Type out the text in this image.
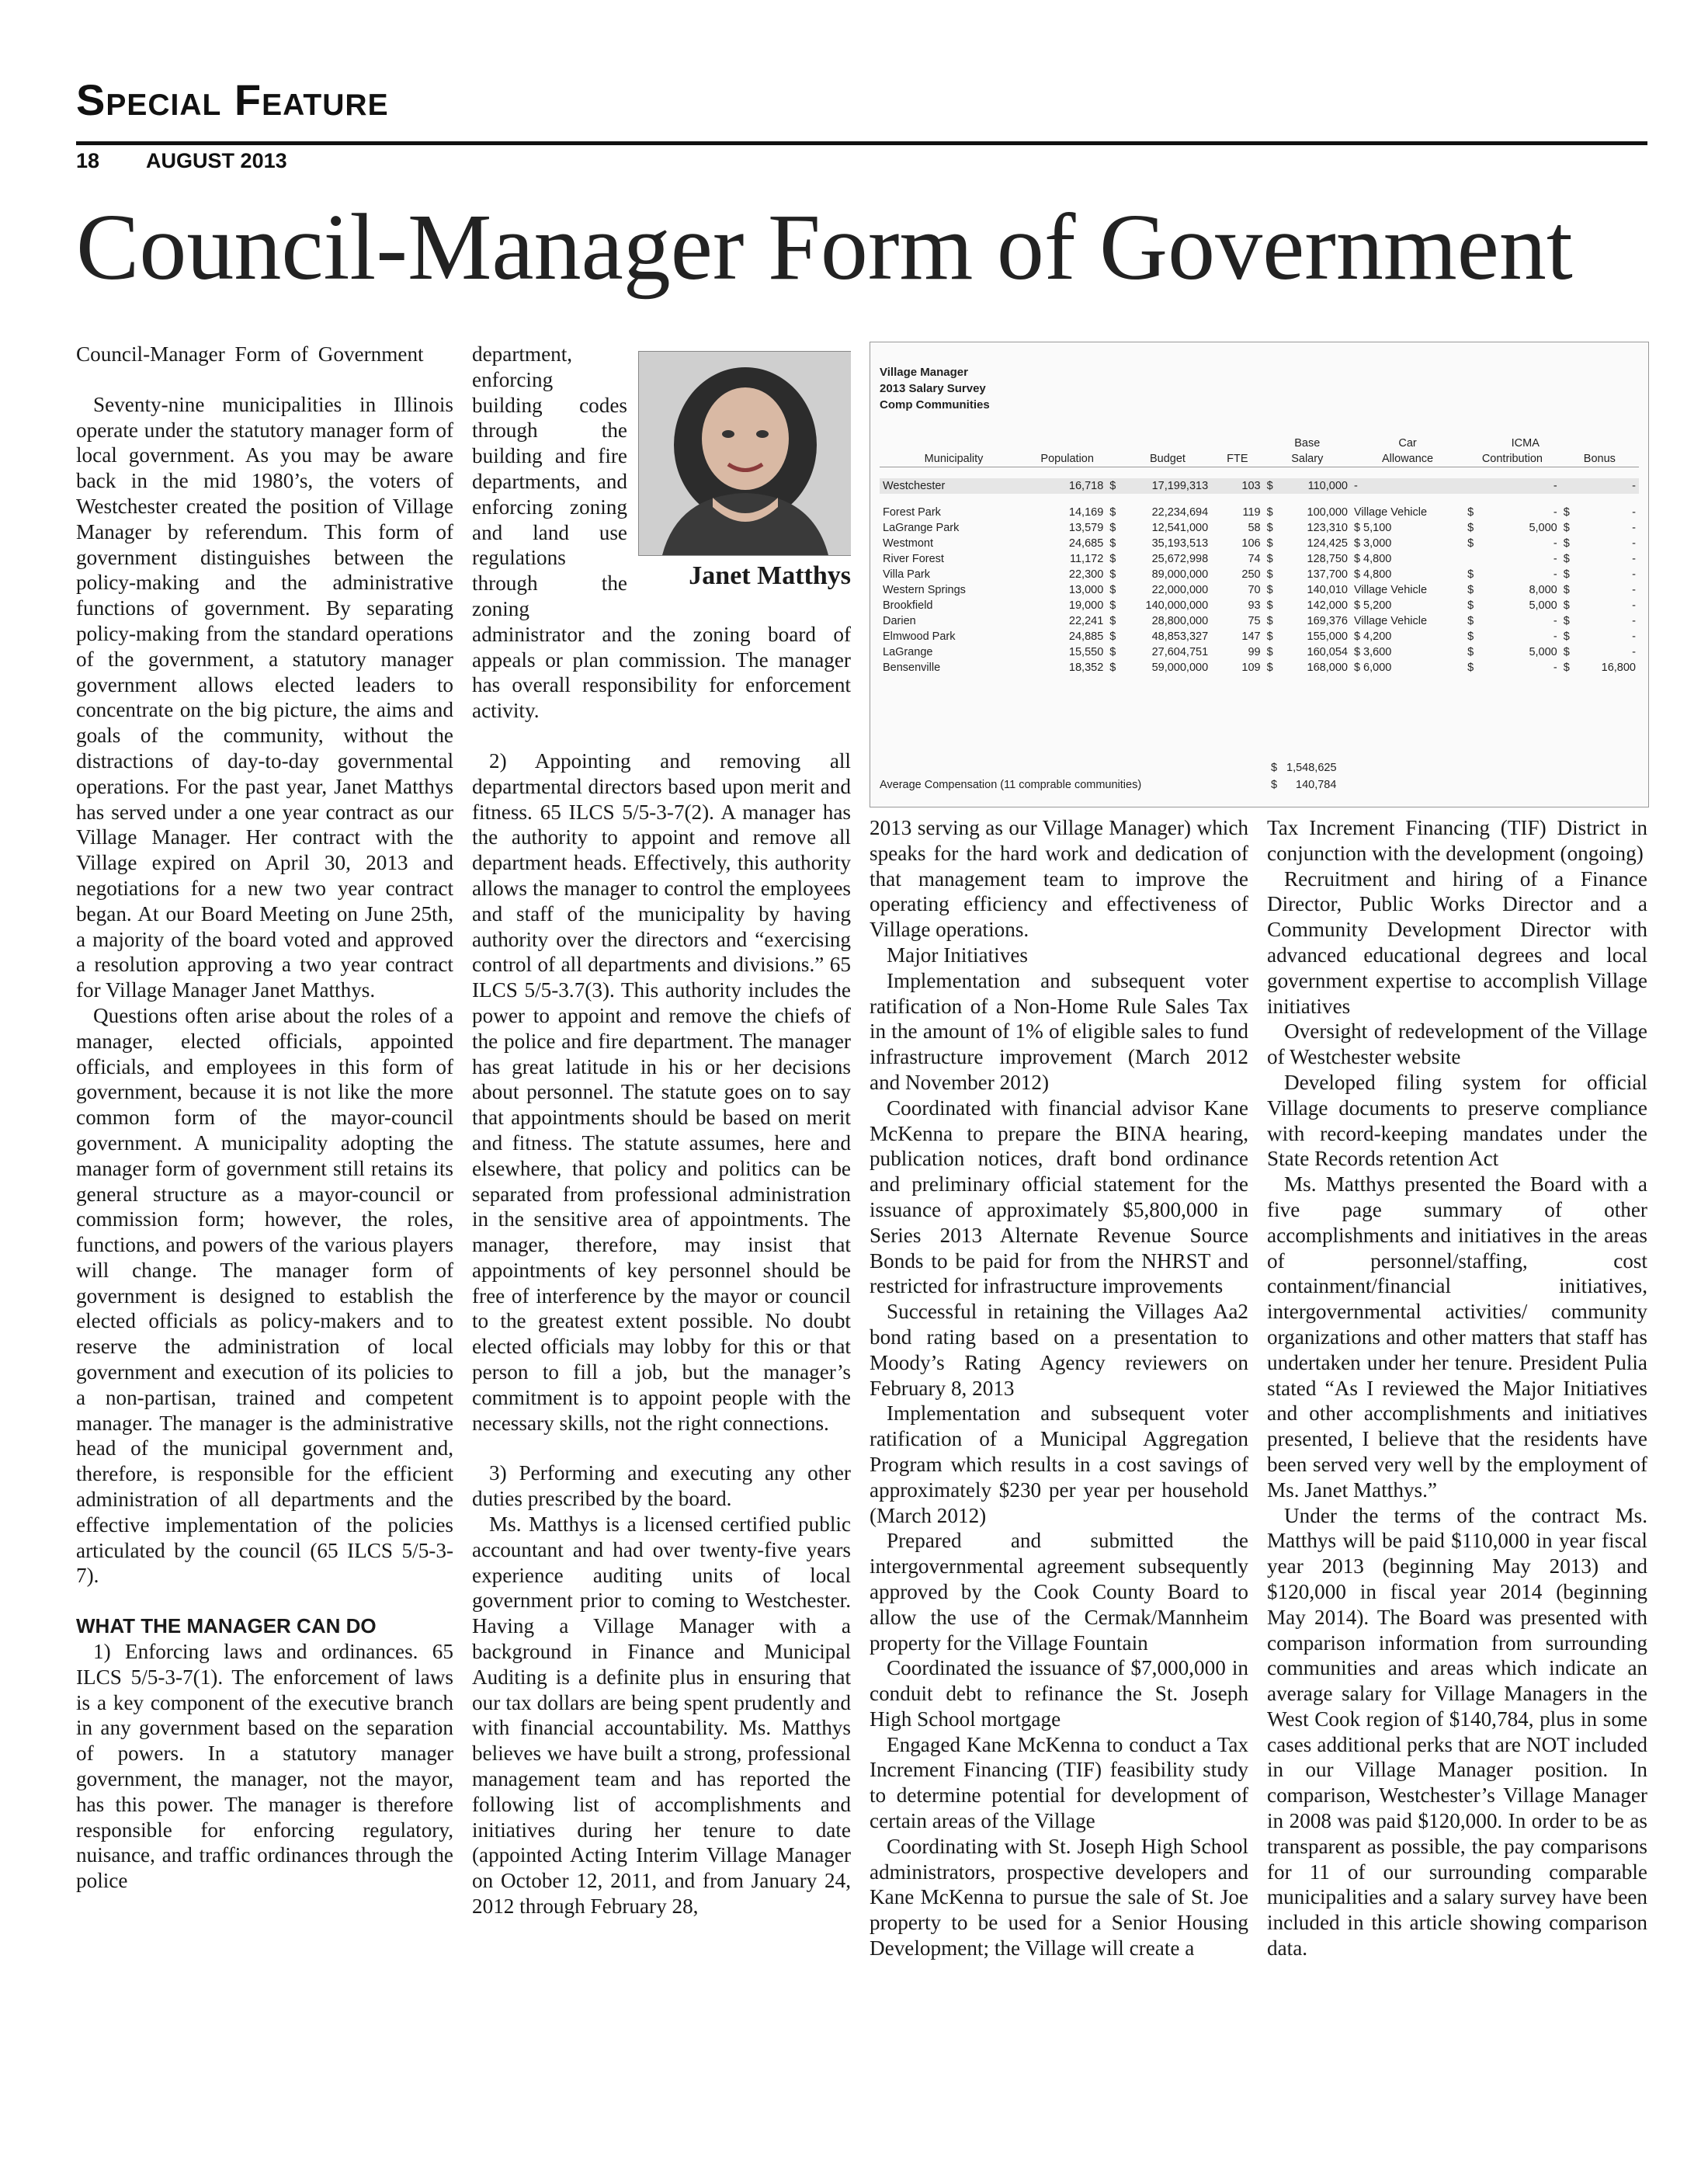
Special Feature
18 AUGUST 2013
Council-Manager Form of Government

Council-Manager Form of Government

Seventy-nine municipalities in Illinois operate under the statutory manager form of local government. As you may be aware back in the mid 1980’s, the voters of Westchester created the position of Village Manager by referendum. This form of government distinguishes between the policy-making and the administrative functions of government. By separating policy-making from the standard operations of the government, a statutory manager government allows elected leaders to concentrate on the big picture, the aims and goals of the community, without the distractions of day-to-day governmental operations. For the past year, Janet Matthys has served under a one year contract as our Village Manager. Her contract with the Village expired on April 30, 2013 and negotiations for a new two year contract began. At our Board Meeting on June 25th, a majority of the board voted and approved a resolution approving a two year contract for Village Manager Janet Matthys.

Questions often arise about the roles of a manager, elected officials, appointed officials, and employees in this form of government, because it is not like the more common form of the mayor-council government. A municipality adopting the manager form of government still retains its general structure as a mayor-council or commission form; however, the roles, functions, and powers of the various players will change. The manager form of government is designed to establish the elected officials as policy-makers and to reserve the administration of local government and execution of its policies to a non-partisan, trained and competent manager. The manager is the administrative head of the municipal government and, therefore, is responsible for the efficient administration of all departments and the effective implementation of the policies articulated by the council (65 ILCS 5/5-3-7).

WHAT THE MANAGER CAN DO

1) Enforcing laws and ordinances. 65 ILCS 5/5-3-7(1). The enforcement of laws is a key component of the executive branch in any government based on the separation of powers. In a statutory manager government, the manager, not the mayor, has this power. The manager is therefore responsible for enforcing regulatory, nuisance, and traffic ordinances through the police

Janet Matthys

department, enforcing building codes through the building and fire departments, and enforcing zoning and land use regulations through the zoning administrator and the zoning board of appeals or plan commission. The manager has overall responsibility for enforcement activity.

2) Appointing and removing all departmental directors based upon merit and fitness. 65 ILCS 5/5-3-7(2). A manager has the authority to appoint and remove all department heads. Effectively, this authority allows the manager to control the employees and staff of the municipality by having authority over the directors and “exercising control of all departments and divisions.” 65 ILCS 5/5-3.7(3). This authority includes the power to appoint and remove the chiefs of the police and fire department. The manager has great latitude in his or her decisions about personnel. The statute goes on to say that appointments should be based on merit and fitness. The statute assumes, here and elsewhere, that policy and politics can be separated from professional administration in the sensitive area of appointments. The manager, therefore, may insist that appointments of key personnel should be free of interference by the mayor or council to the greatest extent possible. No doubt elected officials may lobby for this or that person to fill a job, but the manager’s commitment is to appoint people with the necessary skills, not the right connections.

3) Performing and executing any other duties prescribed by the board.

Ms. Matthys is a licensed certified public accountant and had over twenty-five years experience auditing units of local government prior to coming to Westchester. Having a Village Manager with a background in Finance and Municipal Auditing is a definite plus in ensuring that our tax dollars are being spent prudently and with financial accountability. Ms. Matthys believes we have built a strong, professional management team and has reported the following list of accomplishments and initiatives during her tenure to date (appointed Acting Interim Village Manager on October 12, 2011, and from January 24, 2012 through February 28,

Village Manager
2013 Salary Survey
Comp Communities
					Base		Car		ICMA		
Municipality	Population		Budget	FTE	Salary		Allowance	Contribution		Bonus	

Westchester	16,718	$	17,199,313	103	$	110,000	-		-		-

Forest Park	14,169	$	22,234,694	119	$	100,000	Village Vehicle	$	-	$	-
LaGrange Park	13,579	$	12,541,000	58	$	123,310	$ 5,100	$	5,000	$	-
Westmont	24,685	$	35,193,513	106	$	124,425	$ 3,000	$	-	$	-
River Forest	11,172	$	25,672,998	74	$	128,750	$ 4,800		-	$	-
Villa Park	22,300	$	89,000,000	250	$	137,700	$ 4,800	$	-	$	-
Western Springs	13,000	$	22,000,000	70	$	140,010	Village Vehicle	$	8,000	$	-
Brookfield	19,000	$	140,000,000	93	$	142,000	$ 5,200	$	5,000	$	-
Darien	22,241	$	28,800,000	75	$	169,376	Village Vehicle	$	-	$	-
Elmwood Park	24,885	$	48,853,327	147	$	155,000	$ 4,200	$	-	$	-
LaGrange	15,550	$	27,604,751	99	$	160,054	$ 3,600	$	5,000	$	-
Bensenville	18,352	$	59,000,000	109	$	168,000	$ 6,000	$	-	$	16,800
$ 1,548,625
Average Compensation (11 comprable communities)	$ 140,784

2013 serving as our Village Manager) which speaks for the hard work and dedication of that management team to improve the operating efficiency and effectiveness of Village operations.

Major Initiatives

Implementation and subsequent voter ratification of a Non-Home Rule Sales Tax in the amount of 1% of eligible sales to fund infrastructure improvement (March 2012 and November 2012)

Coordinated with financial advisor Kane McKenna to prepare the BINA hearing, publication notices, draft bond ordinance and preliminary official statement for the issuance of approximately $5,800,000 in Series 2013 Alternate Revenue Source Bonds to be paid for from the NHRST and restricted for infrastructure improvements

Successful in retaining the Villages Aa2 bond rating based on a presentation to Moody’s Rating Agency reviewers on February 8, 2013

Implementation and subsequent voter ratification of a Municipal Aggregation Program which results in a cost savings of approximately $230 per year per household (March 2012)

Prepared and submitted the intergovernmental agreement subsequently approved by the Cook County Board to allow the use of the Cermak/Mannheim property for the Village Fountain

Coordinated the issuance of $7,000,000 in conduit debt to refinance the St. Joseph High School mortgage

Engaged Kane McKenna to conduct a Tax Increment Financing (TIF) feasibility study to determine potential for development of certain areas of the Village

Coordinating with St. Joseph High School administrators, prospective developers and Kane McKenna to pursue the sale of St. Joe property to be used for a Senior Housing Development; the Village will create a

Tax Increment Financing (TIF) District in conjunction with the development (ongoing)

Recruitment and hiring of a Finance Director, Public Works Director and a Community Development Director with advanced educational degrees and local government expertise to accomplish Village initiatives

Oversight of redevelopment of the Village of Westchester website

Developed filing system for official Village documents to preserve compliance with record-keeping mandates under the State Records retention Act

Ms. Matthys presented the Board with a five page summary of other accomplishments and initiatives in the areas of personnel/staffing, cost containment/financial initiatives, intergovernmental activities/ community organizations and other matters that staff has undertaken under her tenure. President Pulia stated “As I reviewed the Major Initiatives and other accomplishments and initiatives presented, I believe that the residents have been served very well by the employment of Ms. Janet Matthys.”

Under the terms of the contract Ms. Matthys will be paid $110,000 in year fiscal year 2013 (beginning May 2013) and $120,000 in fiscal year 2014 (beginning May 2014). The Board was presented with comparison information from surrounding communities and areas which indicate an average salary for Village Managers in the West Cook region of $140,784, plus in some cases additional perks that are NOT included in our Village Manager position. In comparison, Westchester’s Village Manager in 2008 was paid $120,000. In order to be as transparent as possible, the pay comparisons for 11 of our surrounding comparable municipalities and a salary survey have been included in this article showing comparison data.
